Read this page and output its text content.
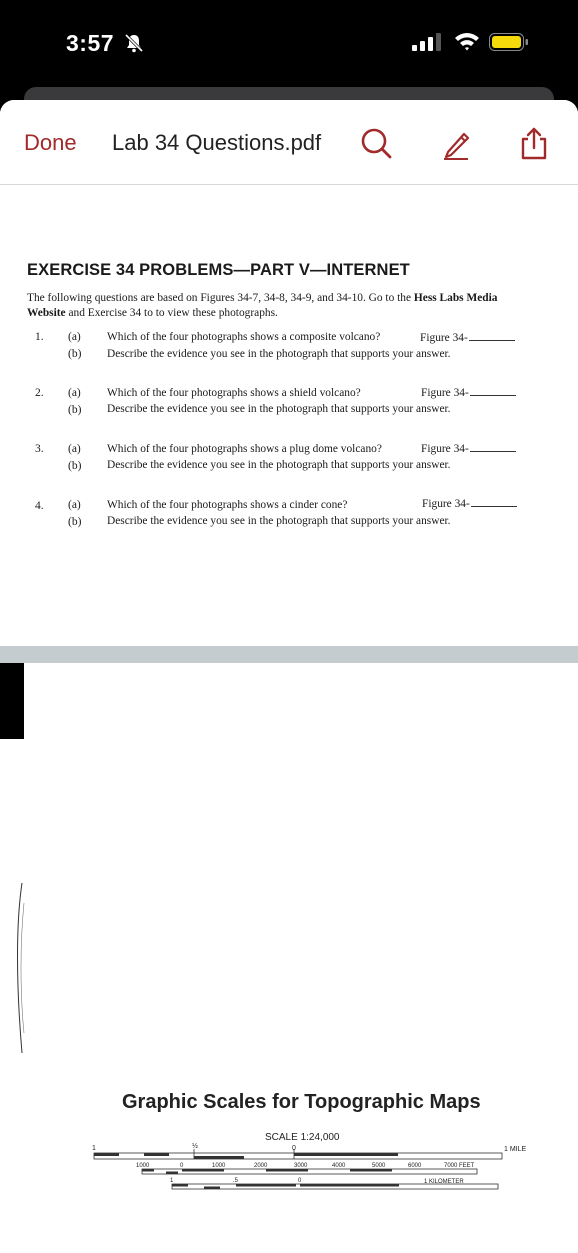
3:57
Done Lab 34 Questions.pdf
EXERCISE 34 PROBLEMS—PART V—INTERNET
The following questions are based on Figures 34-7, 34-8, 34-9, and 34-10. Go to the Hess Labs Media Website and Exercise 34 to to view these photographs.
1. (a) Which of the four photographs shows a composite volcano?	Figure 34-
(b) Describe the evidence you see in the photograph that supports your answer.
2. (a) Which of the four photographs shows a shield volcano?	Figure 34-
(b) Describe the evidence you see in the photograph that supports your answer.
3. (a) Which of the four photographs shows a plug dome volcano?	Figure 34-
(b) Describe the evidence you see in the photograph that supports your answer.
4. (a) Which of the four photographs shows a cinder cone?	Figure 34-
(b) Describe the evidence you see in the photograph that supports your answer.
Graphic Scales for Topographic Maps
SCALE 1:24,000
1	½	0	1 MILE
1000	0	1000	2000	3000	4000	5000	6000	7000 FEET
1	.5	0	1 KILOMETER
